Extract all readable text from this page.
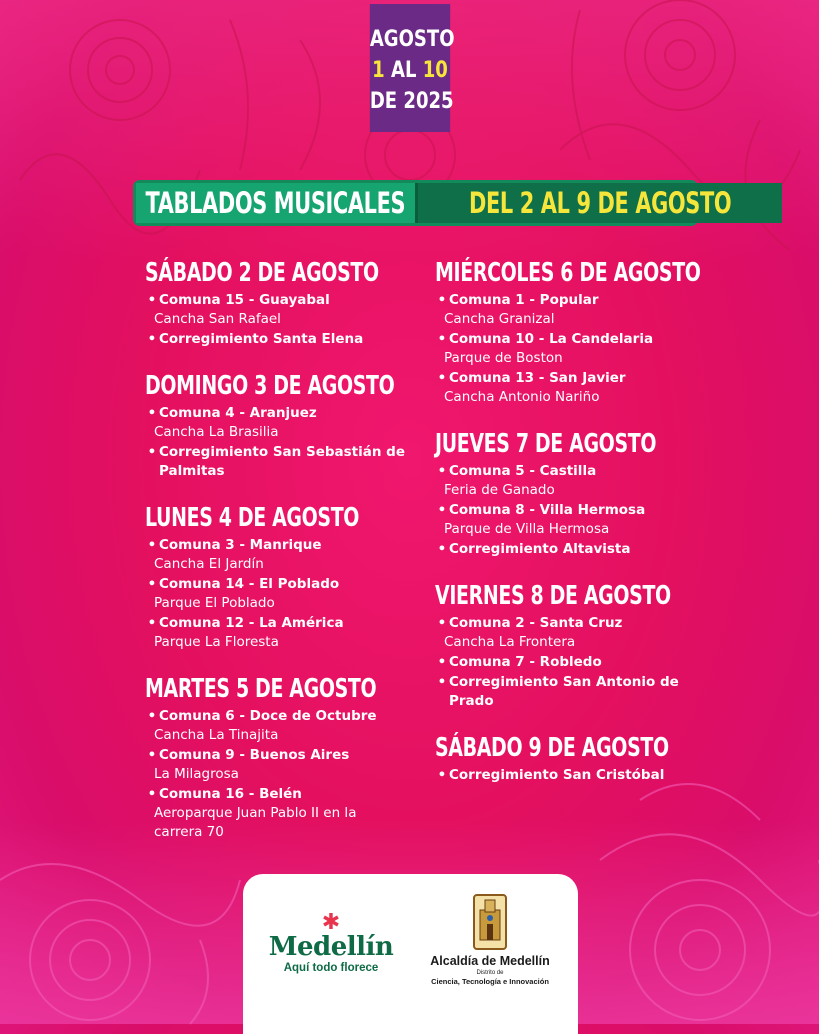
AGOSTO
1 AL 10
DE 2025
TABLADOS MUSICALES DEL 2 AL 9 DE AGOSTO
SÁBADO 2 DE AGOSTO
• Comuna 15 - Guayabal
Cancha San Rafael
• Corregimiento Santa Elena
DOMINGO 3 DE AGOSTO
• Comuna 4 - Aranjuez
Cancha La Brasilia
• Corregimiento San Sebastián de Palmitas
LUNES 4 DE AGOSTO
• Comuna 3 - Manrique
Cancha El Jardín
• Comuna 14 - El Poblado
Parque El Poblado
• Comuna 12 - La América
Parque La Floresta
MARTES 5 DE AGOSTO
• Comuna 6 - Doce de Octubre
Cancha La Tinajita
• Comuna 9 - Buenos Aires
La Milagrosa
• Comuna 16 - Belén
Aeroparque Juan Pablo II en la carrera 70
MIÉRCOLES 6 DE AGOSTO
• Comuna 1 - Popular
Cancha Granizal
• Comuna 10 - La Candelaria
Parque de Boston
• Comuna 13 - San Javier
Cancha Antonio Nariño
JUEVES 7 DE AGOSTO
• Comuna 5 - Castilla
Feria de Ganado
• Comuna 8 - Villa Hermosa
Parque de Villa Hermosa
• Corregimiento Altavista
VIERNES 8 DE AGOSTO
• Comuna 2 - Santa Cruz
Cancha La Frontera
• Comuna 7 - Robledo
• Corregimiento San Antonio de Prado
SÁBADO 9 DE AGOSTO
• Corregimiento San Cristóbal
✱
Medellín
Aquí todo florece	Alcaldía de Medellín
Distrito de
Ciencia, Tecnología e Innovación
